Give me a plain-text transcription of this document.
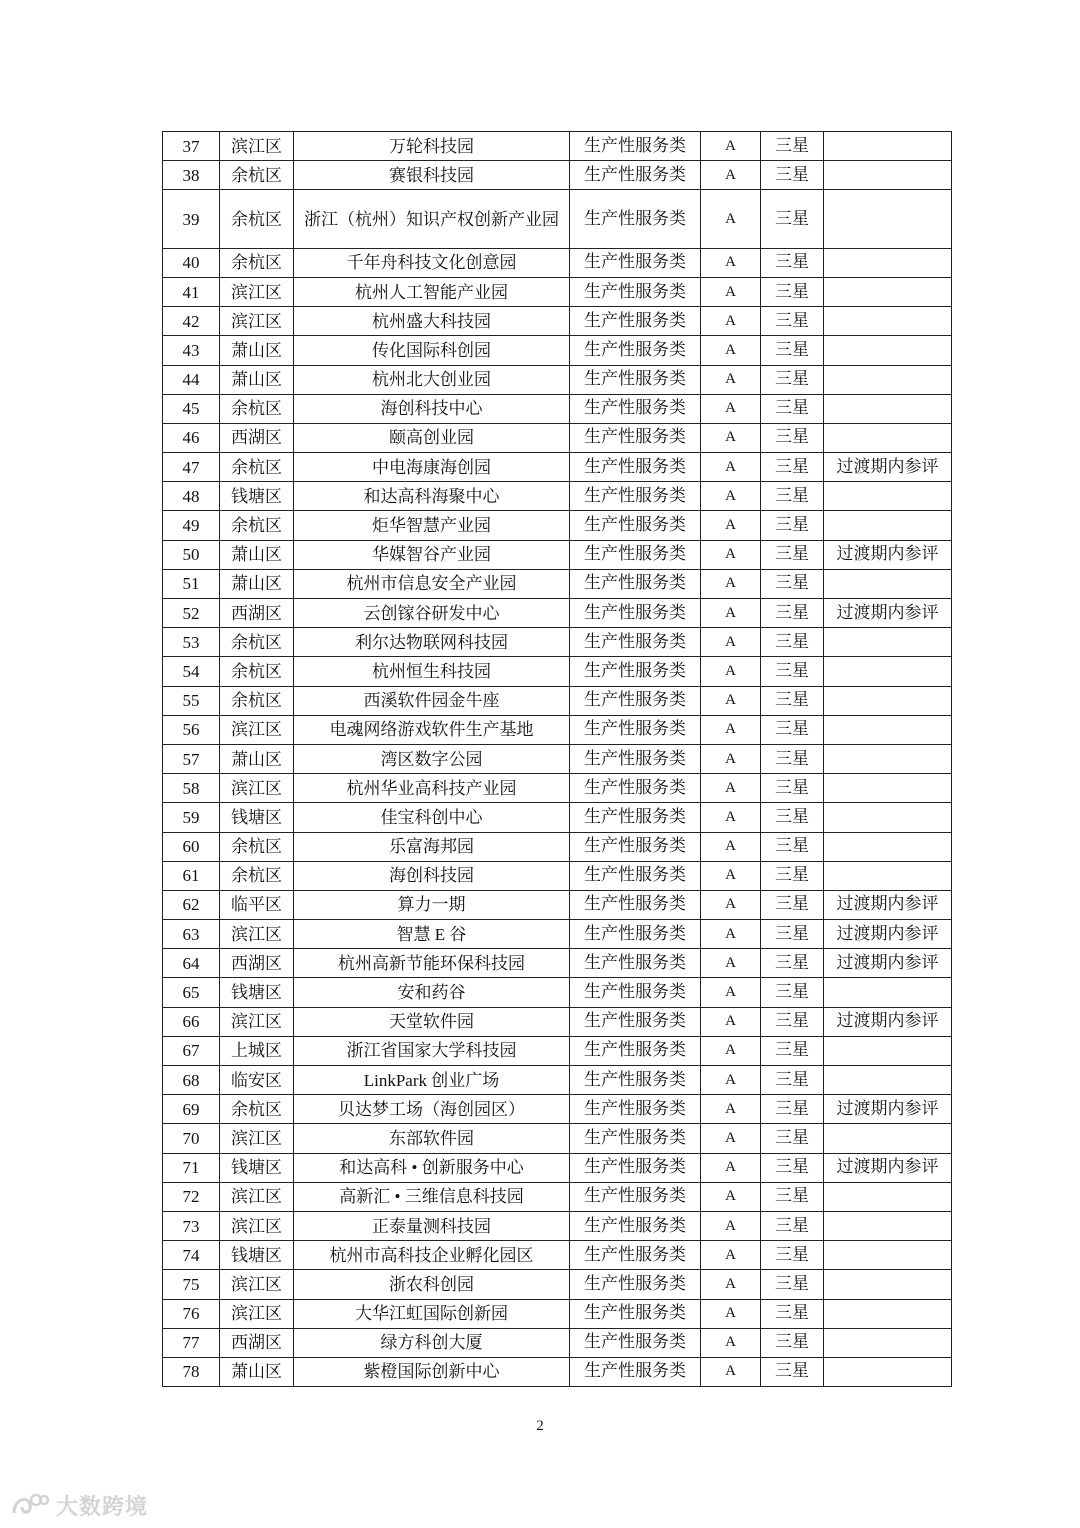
37	滨江区	万轮科技园	生产性服务类	A	三星	
38	余杭区	赛银科技园	生产性服务类	A	三星	
39	余杭区	浙江（杭州）知识产权创新产业园	生产性服务类	A	三星	
40	余杭区	千年舟科技文化创意园	生产性服务类	A	三星	
41	滨江区	杭州人工智能产业园	生产性服务类	A	三星	
42	滨江区	杭州盛大科技园	生产性服务类	A	三星	
43	萧山区	传化国际科创园	生产性服务类	A	三星	
44	萧山区	杭州北大创业园	生产性服务类	A	三星	
45	余杭区	海创科技中心	生产性服务类	A	三星	
46	西湖区	颐高创业园	生产性服务类	A	三星	
47	余杭区	中电海康海创园	生产性服务类	A	三星	过渡期内参评
48	钱塘区	和达高科海聚中心	生产性服务类	A	三星	
49	余杭区	炬华智慧产业园	生产性服务类	A	三星	
50	萧山区	华媒智谷产业园	生产性服务类	A	三星	过渡期内参评
51	萧山区	杭州市信息安全产业园	生产性服务类	A	三星	
52	西湖区	云创镓谷研发中心	生产性服务类	A	三星	过渡期内参评
53	余杭区	利尔达物联网科技园	生产性服务类	A	三星	
54	余杭区	杭州恒生科技园	生产性服务类	A	三星	
55	余杭区	西溪软件园金牛座	生产性服务类	A	三星	
56	滨江区	电魂网络游戏软件生产基地	生产性服务类	A	三星	
57	萧山区	湾区数字公园	生产性服务类	A	三星	
58	滨江区	杭州华业高科技产业园	生产性服务类	A	三星	
59	钱塘区	佳宝科创中心	生产性服务类	A	三星	
60	余杭区	乐富海邦园	生产性服务类	A	三星	
61	余杭区	海创科技园	生产性服务类	A	三星	
62	临平区	算力一期	生产性服务类	A	三星	过渡期内参评
63	滨江区	智慧 E 谷	生产性服务类	A	三星	过渡期内参评
64	西湖区	杭州高新节能环保科技园	生产性服务类	A	三星	过渡期内参评
65	钱塘区	安和药谷	生产性服务类	A	三星	
66	滨江区	天堂软件园	生产性服务类	A	三星	过渡期内参评
67	上城区	浙江省国家大学科技园	生产性服务类	A	三星	
68	临安区	LinkPark 创业广场	生产性服务类	A	三星	
69	余杭区	贝达梦工场（海创园区）	生产性服务类	A	三星	过渡期内参评
70	滨江区	东部软件园	生产性服务类	A	三星	
71	钱塘区	和达高科 • 创新服务中心	生产性服务类	A	三星	过渡期内参评
72	滨江区	高新汇 • 三维信息科技园	生产性服务类	A	三星	
73	滨江区	正泰量测科技园	生产性服务类	A	三星	
74	钱塘区	杭州市高科技企业孵化园区	生产性服务类	A	三星	
75	滨江区	浙农科创园	生产性服务类	A	三星	
76	滨江区	大华江虹国际创新园	生产性服务类	A	三星	
77	西湖区	绿方科创大厦	生产性服务类	A	三星	
78	萧山区	紫橙国际创新中心	生产性服务类	A	三星	
2
大数跨境
